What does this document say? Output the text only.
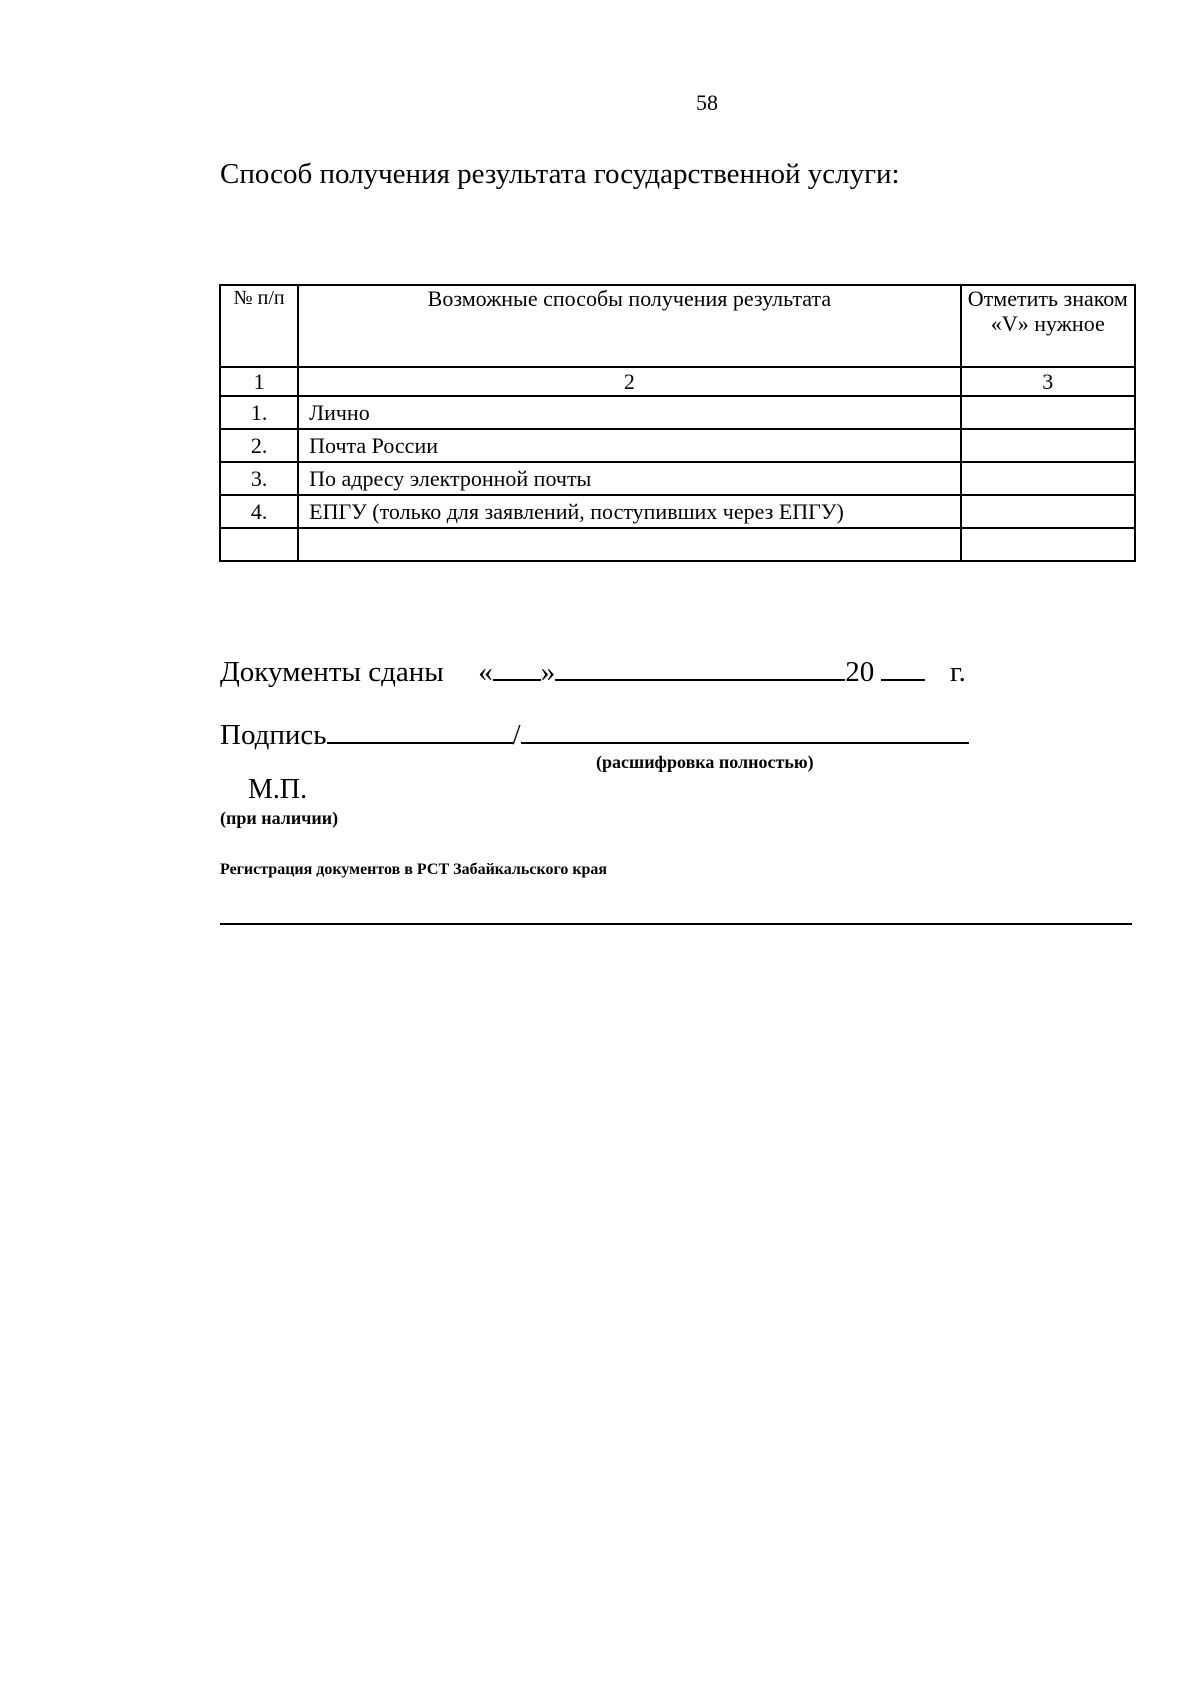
58
Способ получения результата государственной услуги:
№ п/п	Возможные способы получения результата	Отметить знаком «V» нужное
1	2	3
1.	Лично	
2.	Почта России	
3.	По адресу электронной почты	
4.	ЕПГУ (только для заявлений, поступивших через ЕПГУ)	

Документы сданы « »	20	г.
Подпись	/
(расшифровка полностью)
М.П.
(при наличии)
Регистрация документов в РСТ Забайкальского края
